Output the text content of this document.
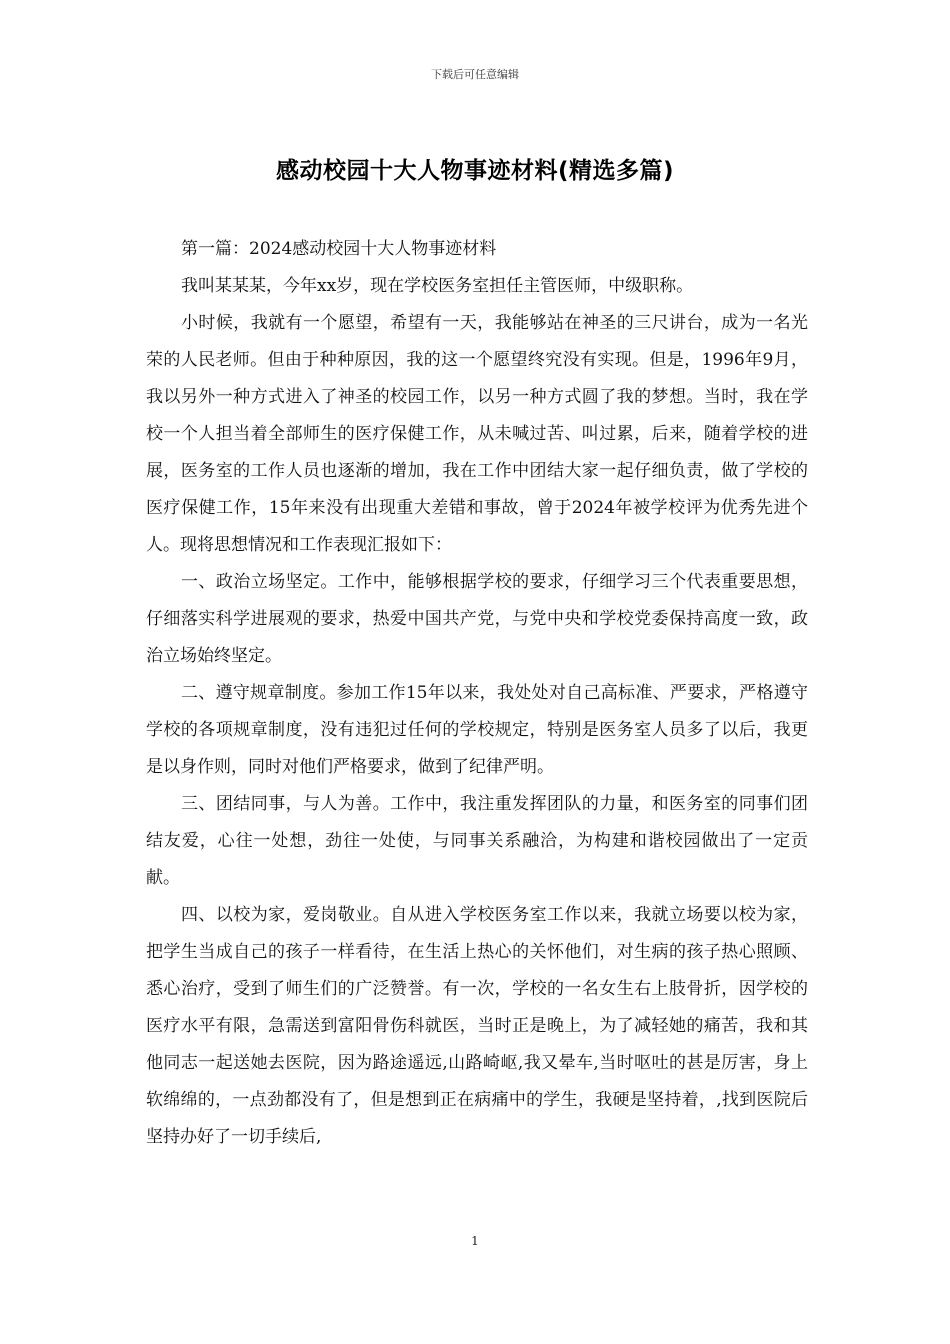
下载后可任意编辑
感动校园十大人物事迹材料(精选多篇)

第一篇：2024感动校园十大人物事迹材料

我叫某某某，今年xx岁，现在学校医务室担任主管医师，中级职称。

小时候，我就有一个愿望，希望有一天，我能够站在神圣的三尺讲台，成为一名光荣的人民老师。但由于种种原因，我的这一个愿望终究没有实现。但是，1996年9月，我以另外一种方式进入了神圣的校园工作，以另一种方式圆了我的梦想。当时，我在学校一个人担当着全部师生的医疗保健工作，从未喊过苦、叫过累，后来，随着学校的进展，医务室的工作人员也逐渐的增加，我在工作中团结大家一起仔细负责，做了学校的医疗保健工作，15年来没有出现重大差错和事故，曾于2024年被学校评为优秀先进个人。现将思想情况和工作表现汇报如下：

一、政治立场坚定。工作中，能够根据学校的要求，仔细学习三个代表重要思想，仔细落实科学进展观的要求，热爱中国共产党，与党中央和学校党委保持高度一致，政治立场始终坚定。

二、遵守规章制度。参加工作15年以来，我处处对自己高标准、严要求，严格遵守学校的各项规章制度，没有违犯过任何的学校规定，特别是医务室人员多了以后，我更是以身作则，同时对他们严格要求，做到了纪律严明。

三、团结同事，与人为善。工作中，我注重发挥团队的力量，和医务室的同事们团结友爱，心往一处想，劲往一处使，与同事关系融洽，为构建和谐校园做出了一定贡献。

四、以校为家，爱岗敬业。自从进入学校医务室工作以来，我就立场要以校为家，把学生当成自己的孩子一样看待，在生活上热心的关怀他们，对生病的孩子热心照顾、悉心治疗，受到了师生们的广泛赞誉。有一次，学校的一名女生右上肢骨折，因学校的医疗水平有限，急需送到富阳骨伤科就医，当时正是晚上，为了减轻她的痛苦，我和其他同志一起送她去医院，因为路途遥远,山路崎岖,我又晕车,当时呕吐的甚是厉害，身上软绵绵的，一点劲都没有了，但是想到正在病痛中的学生，我硬是坚持着，,找到医院后坚持办好了一切手续后,

1
